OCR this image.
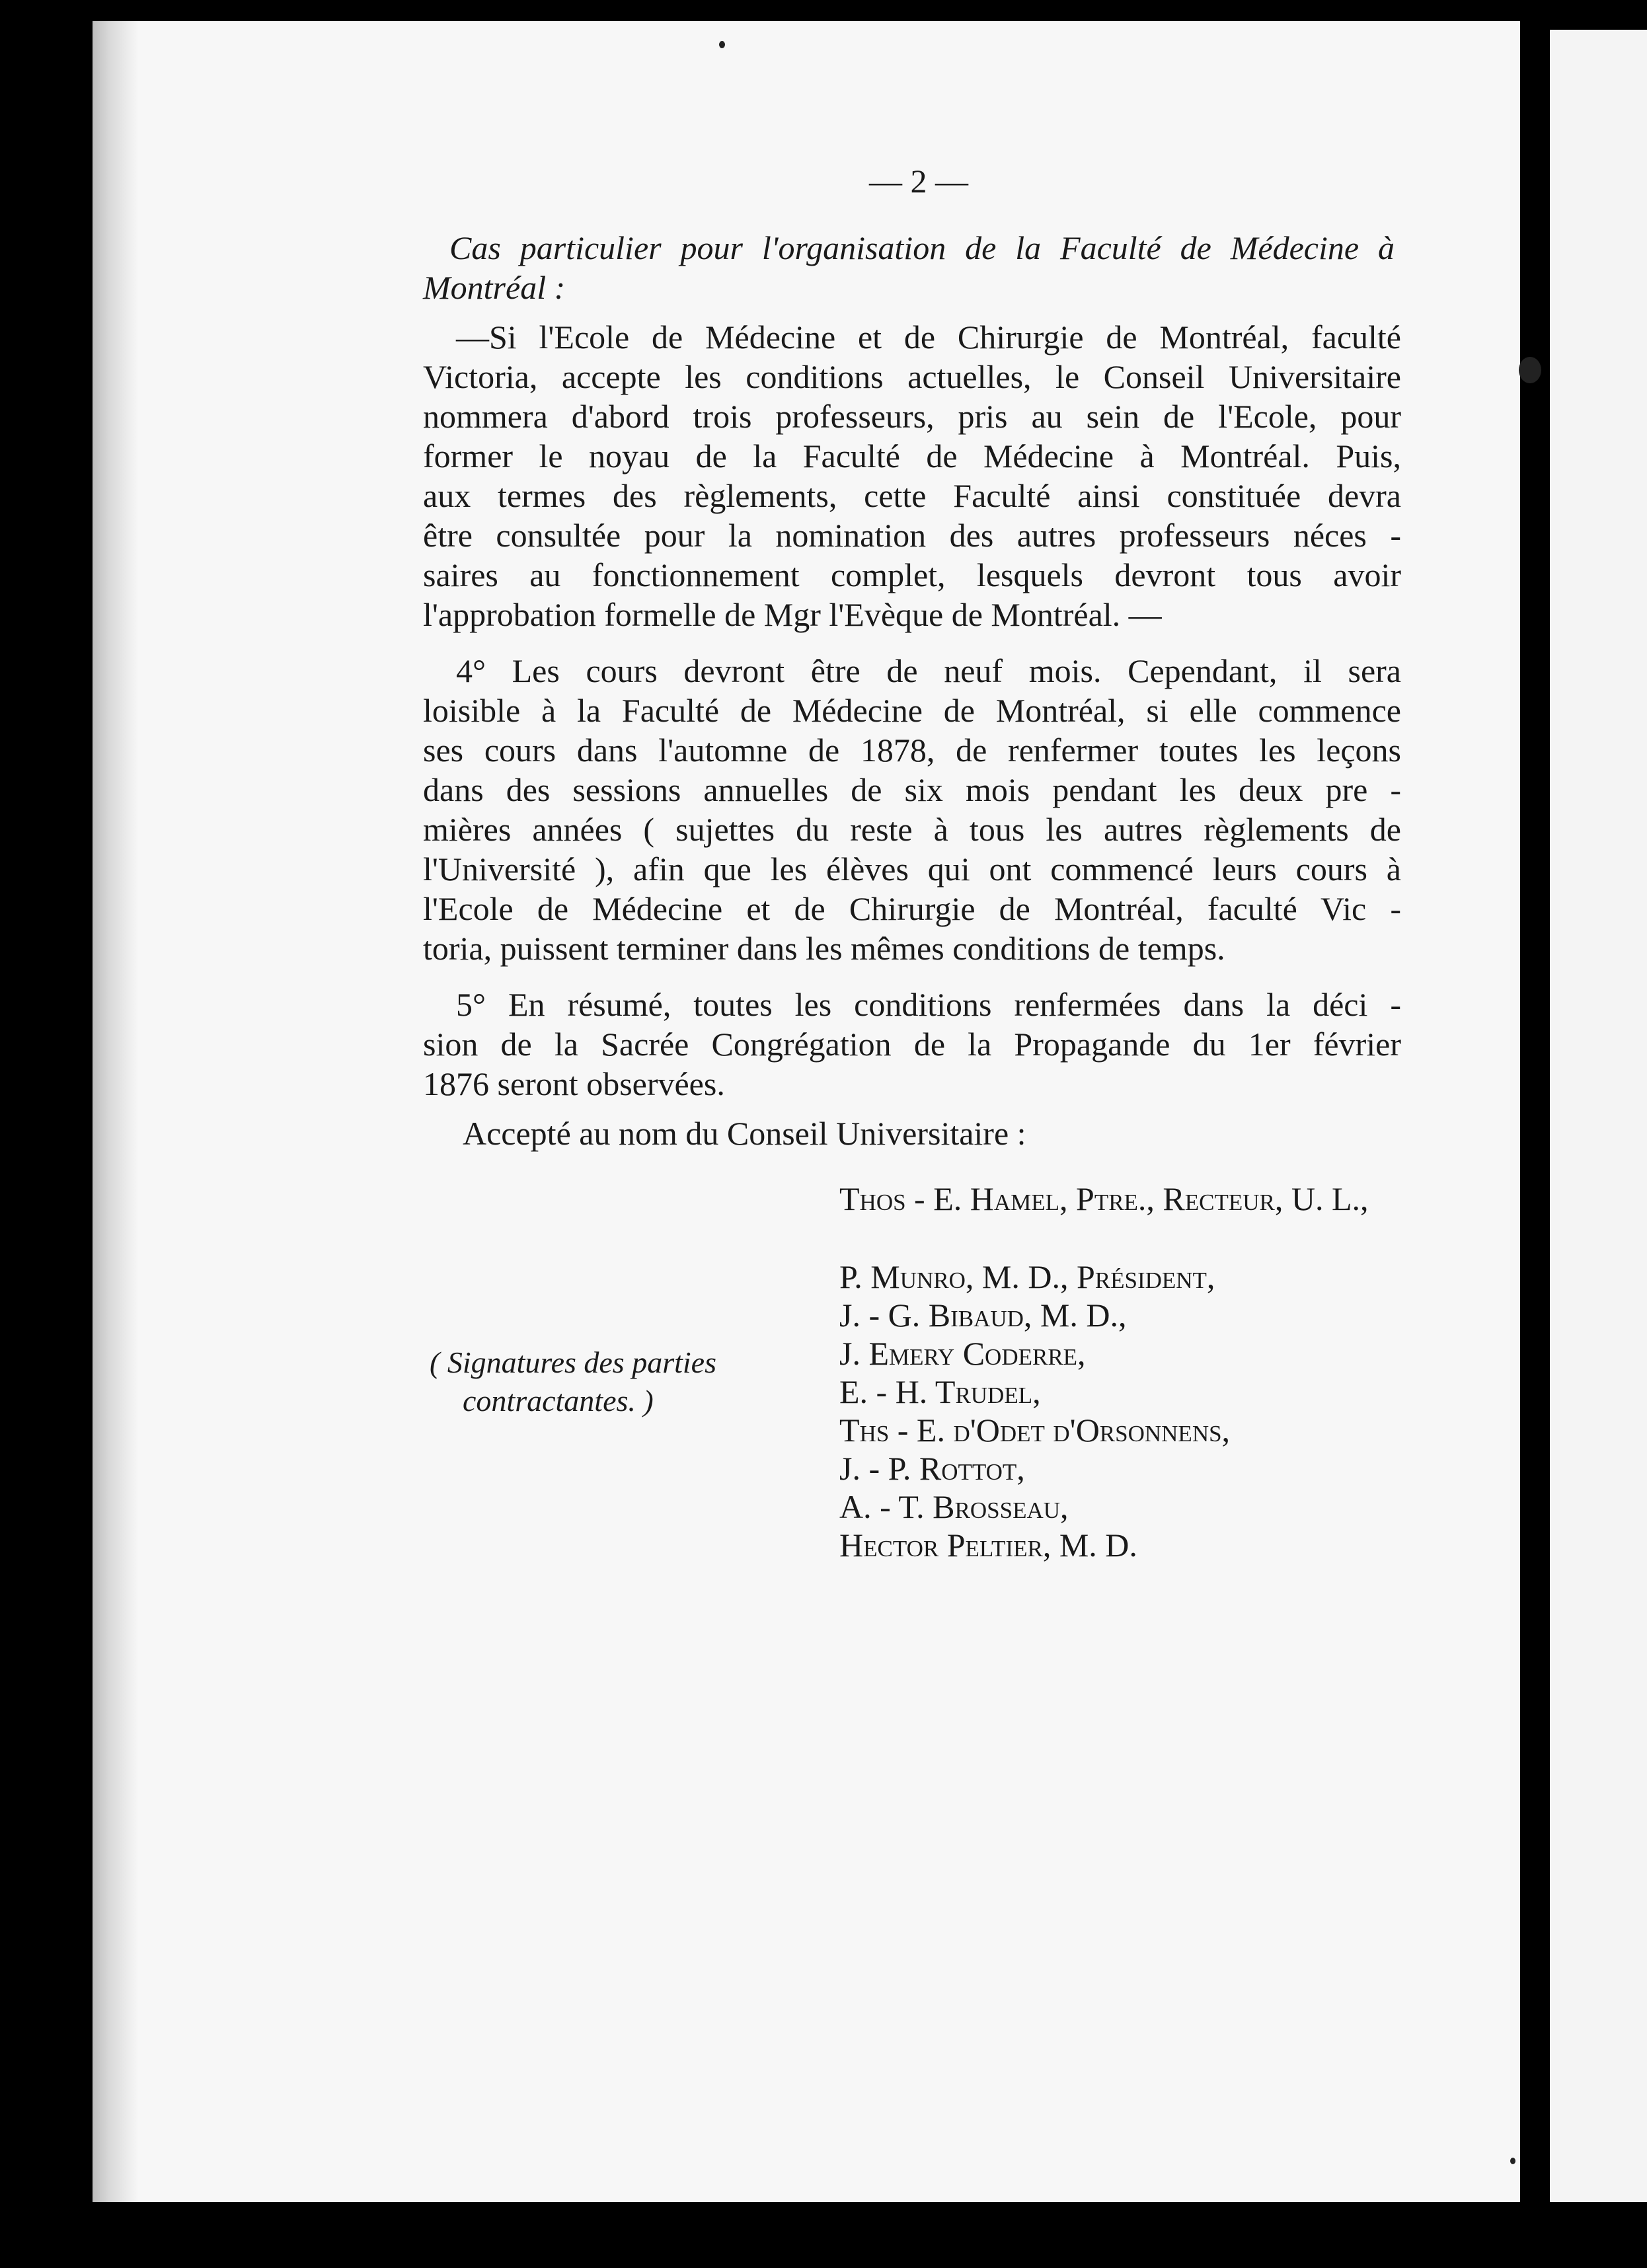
— 2 —

Cas particulier pour l'organisation de la Faculté de Médecine à

Montréal :

—Si l'Ecole de Médecine et de Chirurgie de Montréal, faculté

Victoria, accepte les conditions actuelles, le Conseil Universitaire

nommera d'abord trois professeurs, pris au sein de l'Ecole, pour

former le noyau de la Faculté de Médecine à Montréal. Puis,

aux termes des règlements, cette Faculté ainsi constituée devra

être consultée pour la nomination des autres professeurs néces -

saires au fonctionnement complet, lesquels devront tous avoir

l'approbation formelle de Mgr l'Evèque de Montréal. —

4° Les cours devront être de neuf mois. Cependant, il sera

loisible à la Faculté de Médecine de Montréal, si elle commence

ses cours dans l'automne de 1878, de renfermer toutes les leçons

dans des sessions annuelles de six mois pendant les deux pre -

mières années ( sujettes du reste à tous les autres règlements de

l'Université ), afin que les élèves qui ont commencé leurs cours à

l'Ecole de Médecine et de Chirurgie de Montréal, faculté Vic -

toria, puissent terminer dans les mêmes conditions de temps.

5° En résumé, toutes les conditions renfermées dans la déci -

sion de la Sacrée Congrégation de la Propagande du 1er février

1876 seront observées.

Accepté au nom du Conseil Universitaire :

Thos - E. Hamel, Ptre., Recteur, U. L.,

P. Munro, M. D., Président,

J. - G. Bibaud, M. D.,

J. Emery Coderre,

E. - H. Trudel,

Ths - E. d'Odet d'Orsonnens,

J. - P. Rottot,

A. - T. Brosseau,

Hector Peltier, M. D.

( Signatures des parties

contractantes. )
